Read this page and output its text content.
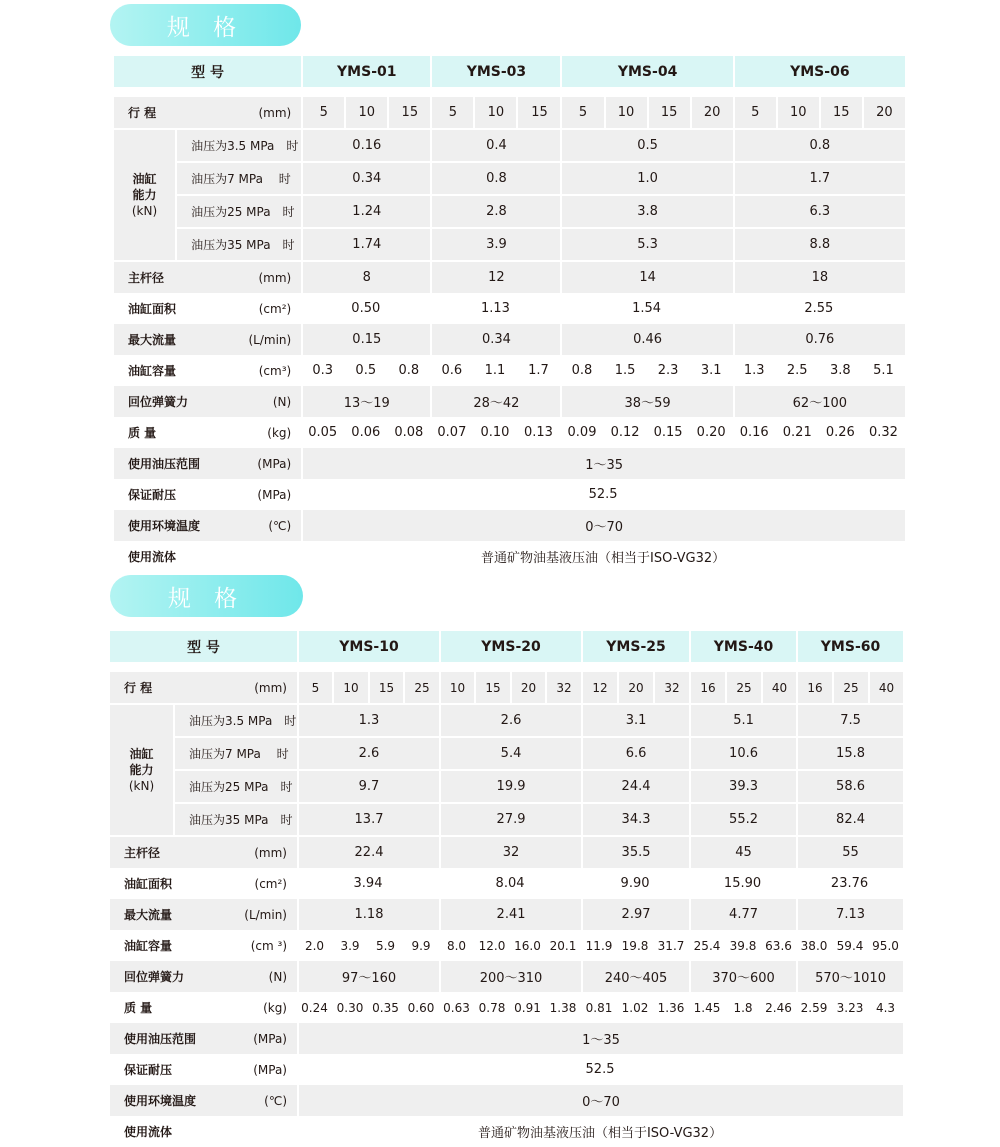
规 格
型 号		YMS-01			YMS-03			YMS-04				YMS-06			

行 程	(mm)	5	10	15	5	10	15	5	10	15	20	5	10	15	20

油缸
能力
(kN)	油压为3.5 MPa　时	0.16			0.4			0.5				0.8			
	油压为7 MPa　 时	0.34			0.8			1.0				1.7			
	油压为25 MPa　时	1.24			2.8			3.8				6.3			
	油压为35 MPa　时	1.74			3.9			5.3				8.8			
主杆径	(mm)	8			12			14				18			
油缸面积	(cm²)	0.50			1.13			1.54				2.55			
最大流量	(L/min)	0.15			0.34			0.46				0.76			
油缸容量	(cm³)	0.3	0.5	0.8	0.6	1.1	1.7	0.8	1.5	2.3	3.1	1.3	2.5	3.8	5.1
回位弹簧力	(N)	13～19			28～42			38～59				62～100			
质 量	(kg)	0.05	0.06	0.08	0.07	0.10	0.13	0.09	0.12	0.15	0.20	0.16	0.21	0.26	0.32
使用油压范围	(MPa)	1～35													
保证耐压	(MPa)	52.5													
使用环境温度	(℃)	0～70													
使用流体		普通矿物油基液压油（相当于ISO-VG32）													
规 格
型 号		YMS-10				YMS-20				YMS-25			YMS-40			YMS-60		

行 程	(mm)	5	10	15	25	10	15	20	32	12	20	32	16	25	40	16	25	40

油缸
能力
(kN)	油压为3.5 MPa　时	1.3				2.6				3.1			5.1			7.5		
	油压为7 MPa　 时	2.6				5.4				6.6			10.6			15.8		
	油压为25 MPa　时	9.7				19.9				24.4			39.3			58.6		
	油压为35 MPa　时	13.7				27.9				34.3			55.2			82.4		
主杆径	(mm)	22.4				32				35.5			45			55		
油缸面积	(cm²)	3.94				8.04				9.90			15.90			23.76		
最大流量	(L/min)	1.18				2.41				2.97			4.77			7.13		
油缸容量	(cm ³)	2.0	3.9	5.9	9.9	8.0	12.0	16.0	20.1	11.9	19.8	31.7	25.4	39.8	63.6	38.0	59.4	95.0
回位弹簧力	(N)	97～160				200～310				240～405			370～600			570～1010		
质 量	(kg)	0.24	0.30	0.35	0.60	0.63	0.78	0.91	1.38	0.81	1.02	1.36	1.45	1.8	2.46	2.59	3.23	4.3
使用油压范围	(MPa)	1～35																
保证耐压	(MPa)	52.5																
使用环境温度	(℃)	0～70																
使用流体		普通矿物油基液压油（相当于ISO-VG32）																
